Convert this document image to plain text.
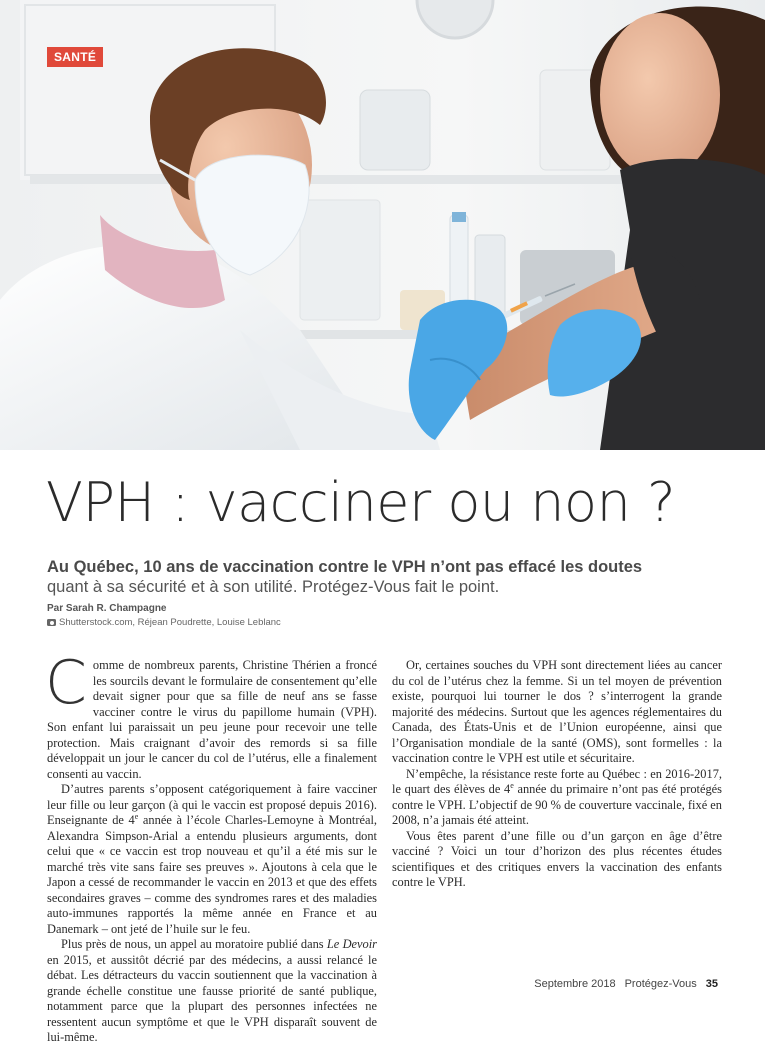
SANTÉ
VPH : vacciner ou non ?
Au Québec, 10 ans de vaccination contre le VPH n’ont pas effacé les doutes
quant à sa sécurité et à son utilité. Protégez-Vous fait le point.
Par Sarah R. Champagne
Shutterstock.com, Réjean Poudrette, Louise Leblanc

Comme de nombreux parents, Christine Thérien a froncé les sourcils devant le formulaire de consentement qu’elle devait signer pour que sa fille de neuf ans se fasse vacciner contre le virus du papillome humain (VPH). Son enfant lui paraissait un peu jeune pour recevoir une telle protection. Mais craignant d’avoir des remords si sa fille développait un jour le cancer du col de l’utérus, elle a finalement consenti au vaccin.

D’autres parents s’opposent catégoriquement à faire vacciner leur fille ou leur garçon (à qui le vaccin est proposé depuis 2016). Enseignante de 4e année à l’école Charles-Lemoyne à Montréal, Alexandra Simpson-Arial a entendu plusieurs arguments, dont celui que « ce vaccin est trop nouveau et qu’il a été mis sur le marché très vite sans faire ses preuves ». Ajoutons à cela que le Japon a cessé de recommander le vaccin en 2013 et que des effets secondaires graves – comme des syndromes rares et des maladies auto-immunes rapportés la même année en France et au Danemark – ont jeté de l’huile sur le feu.

Plus près de nous, un appel au moratoire publié dans Le Devoir en 2015, et aussitôt décrié par des médecins, a aussi relancé le débat. Les détracteurs du vaccin soutiennent que la vaccination à grande échelle constitue une fausse priorité de santé publique, notamment parce que la plupart des personnes infectées ne ressentent aucun symptôme et que le VPH disparaît souvent de lui-même.

Or, certaines souches du VPH sont directement liées au cancer du col de l’utérus chez la femme. Si un tel moyen de prévention existe, pourquoi lui tourner le dos ? s’interrogent la grande majorité des médecins. Surtout que les agences réglementaires du Canada, des États-Unis et de l’Union européenne, ainsi que l’Organisation mondiale de la santé (OMS), sont formelles : la vaccination contre le VPH est utile et sécuritaire.

N’empêche, la résistance reste forte au Québec : en 2016-2017, le quart des élèves de 4e année du primaire n’ont pas été protégés contre le VPH. L’objectif de 90 % de couverture vaccinale, fixé en 2008, n’a jamais été atteint.

Vous êtes parent d’une fille ou d’un garçon en âge d’être vacciné ? Voici un tour d’horizon des plus récentes études scientifiques et des critiques envers la vaccination des enfants contre le VPH.

Septembre 2018 Protégez-Vous 35
